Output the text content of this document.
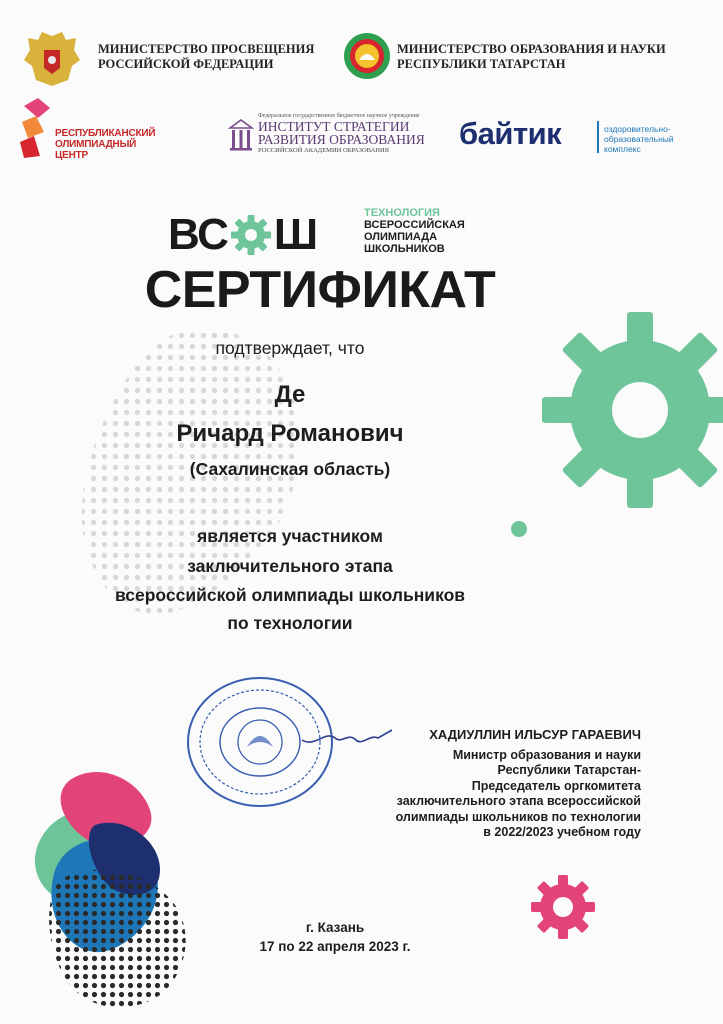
МИНИСТЕРСТВО ПРОСВЕЩЕНИЯ
РОССИЙСКОЙ ФЕДЕРАЦИИ
МИНИСТЕРСТВО ОБРАЗОВАНИЯ И НАУКИ
РЕСПУБЛИКИ ТАТАРСТАН
РЕСПУБЛИКАНСКИЙ
ОЛИМПИАДНЫЙ
ЦЕНТР
Федеральное государственное бюджетное научное учреждение
ИНСТИТУТ СТРАТЕГИИ
РАЗВИТИЯ ОБРАЗОВАНИЯ
РОССИЙСКОЙ АКАДЕМИИ ОБРАЗОВАНИЯ	байтик	оздоровительно-
образовательный
комплекс
ВС Ш	ТЕХНОЛОГИЯ
ВСЕРОССИЙСКАЯ
ОЛИМПИАДА
ШКОЛЬНИКОВ
СЕРТИФИКАТ
подтверждает, что
Де
Ричард Романович
(Сахалинская область)
является участником
заключительного этапа
всероссийской олимпиады школьников
по технологии
ХАДИУЛЛИН ИЛЬСУР ГАРАЕВИЧ
Министр образования и науки
Республики Татарстан-
Председатель оргкомитета
заключительного этапа всероссийской
олимпиады школьников по технологии
в 2022/2023 учебном году
г. Казань
17 по 22 апреля 2023 г.
